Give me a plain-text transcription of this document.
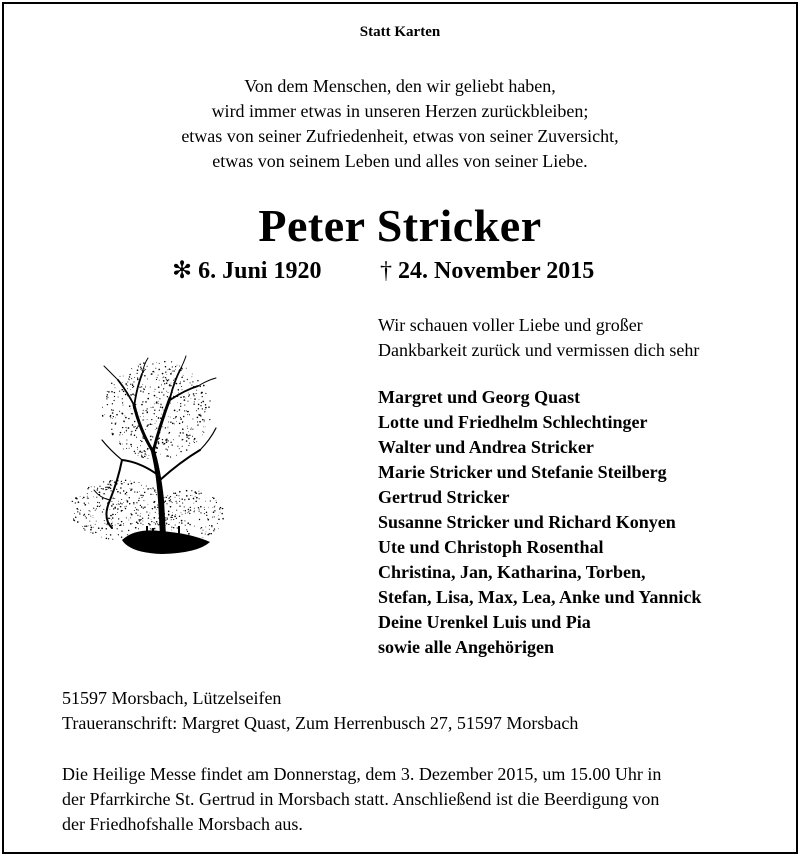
Statt Karten
Von dem Menschen, den wir geliebt haben,
wird immer etwas in unseren Herzen zurückbleiben;
etwas von seiner Zufriedenheit, etwas von seiner Zuversicht,
etwas von seinem Leben und alles von seiner Liebe.
Peter Stricker
✻ 6. Juni 1920 † 24. November 2015
Wir schauen voller Liebe und großer
Dankbarkeit zurück und vermissen dich sehr
Margret und Georg Quast
Lotte und Friedhelm Schlechtinger
Walter und Andrea Stricker
Marie Stricker und Stefanie Steilberg
Gertrud Stricker
Susanne Stricker und Richard Konyen
Ute und Christoph Rosenthal
Christina, Jan, Katharina, Torben,
Stefan, Lisa, Max, Lea, Anke und Yannick
Deine Urenkel Luis und Pia
sowie alle Angehörigen
51597 Morsbach, Lützelseifen
Traueranschrift: Margret Quast, Zum Herrenbusch 27, 51597 Morsbach
Die Heilige Messe findet am Donnerstag, dem 3. Dezember 2015, um 15.00 Uhr in
der Pfarrkirche St. Gertrud in Morsbach statt. Anschließend ist die Beerdigung von
der Friedhofshalle Morsbach aus.
